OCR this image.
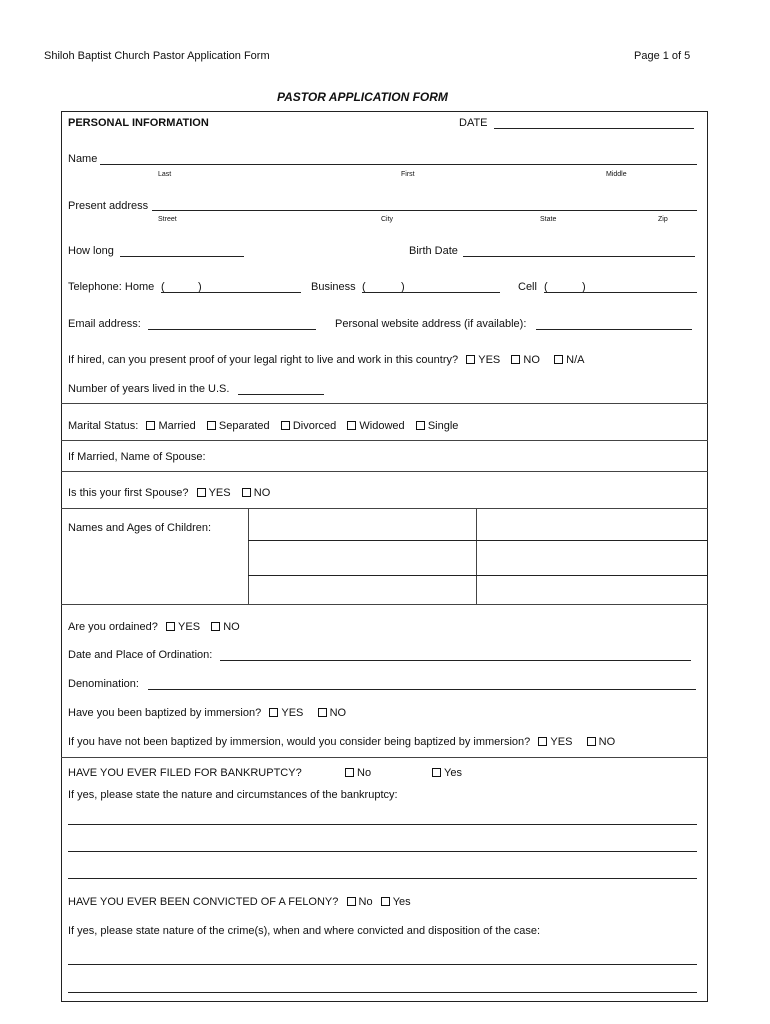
Shiloh Baptist Church Pastor Application Form	Page 1 of 5
PASTOR APPLICATION FORM
PERSONAL INFORMATION	DATE
Name
Last	First	Middle
Present address
Street	City	State	Zip
How long	Birth Date
Telephone: Home (	)	Business (	)	Cell (	)
Email address:	Personal website address (if available):
If hired, can you present proof of your legal right to live and work in this country? YES NO N/A
Number of years lived in the U.S.
Marital Status: Married Separated Divorced Widowed Single
If Married, Name of Spouse:
Is this your first Spouse? YES NO
Names and Ages of Children:
Are you ordained? YES NO
Date and Place of Ordination:
Denomination:
Have you been baptized by immersion? YES NO
If you have not been baptized by immersion, would you consider being baptized by immersion? YES NO
HAVE YOU EVER FILED FOR BANKRUPTCY?	No	Yes
If yes, please state the nature and circumstances of the bankruptcy:
HAVE YOU EVER BEEN CONVICTED OF A FELONY? No Yes
If yes, please state nature of the crime(s), when and where convicted and disposition of the case:
